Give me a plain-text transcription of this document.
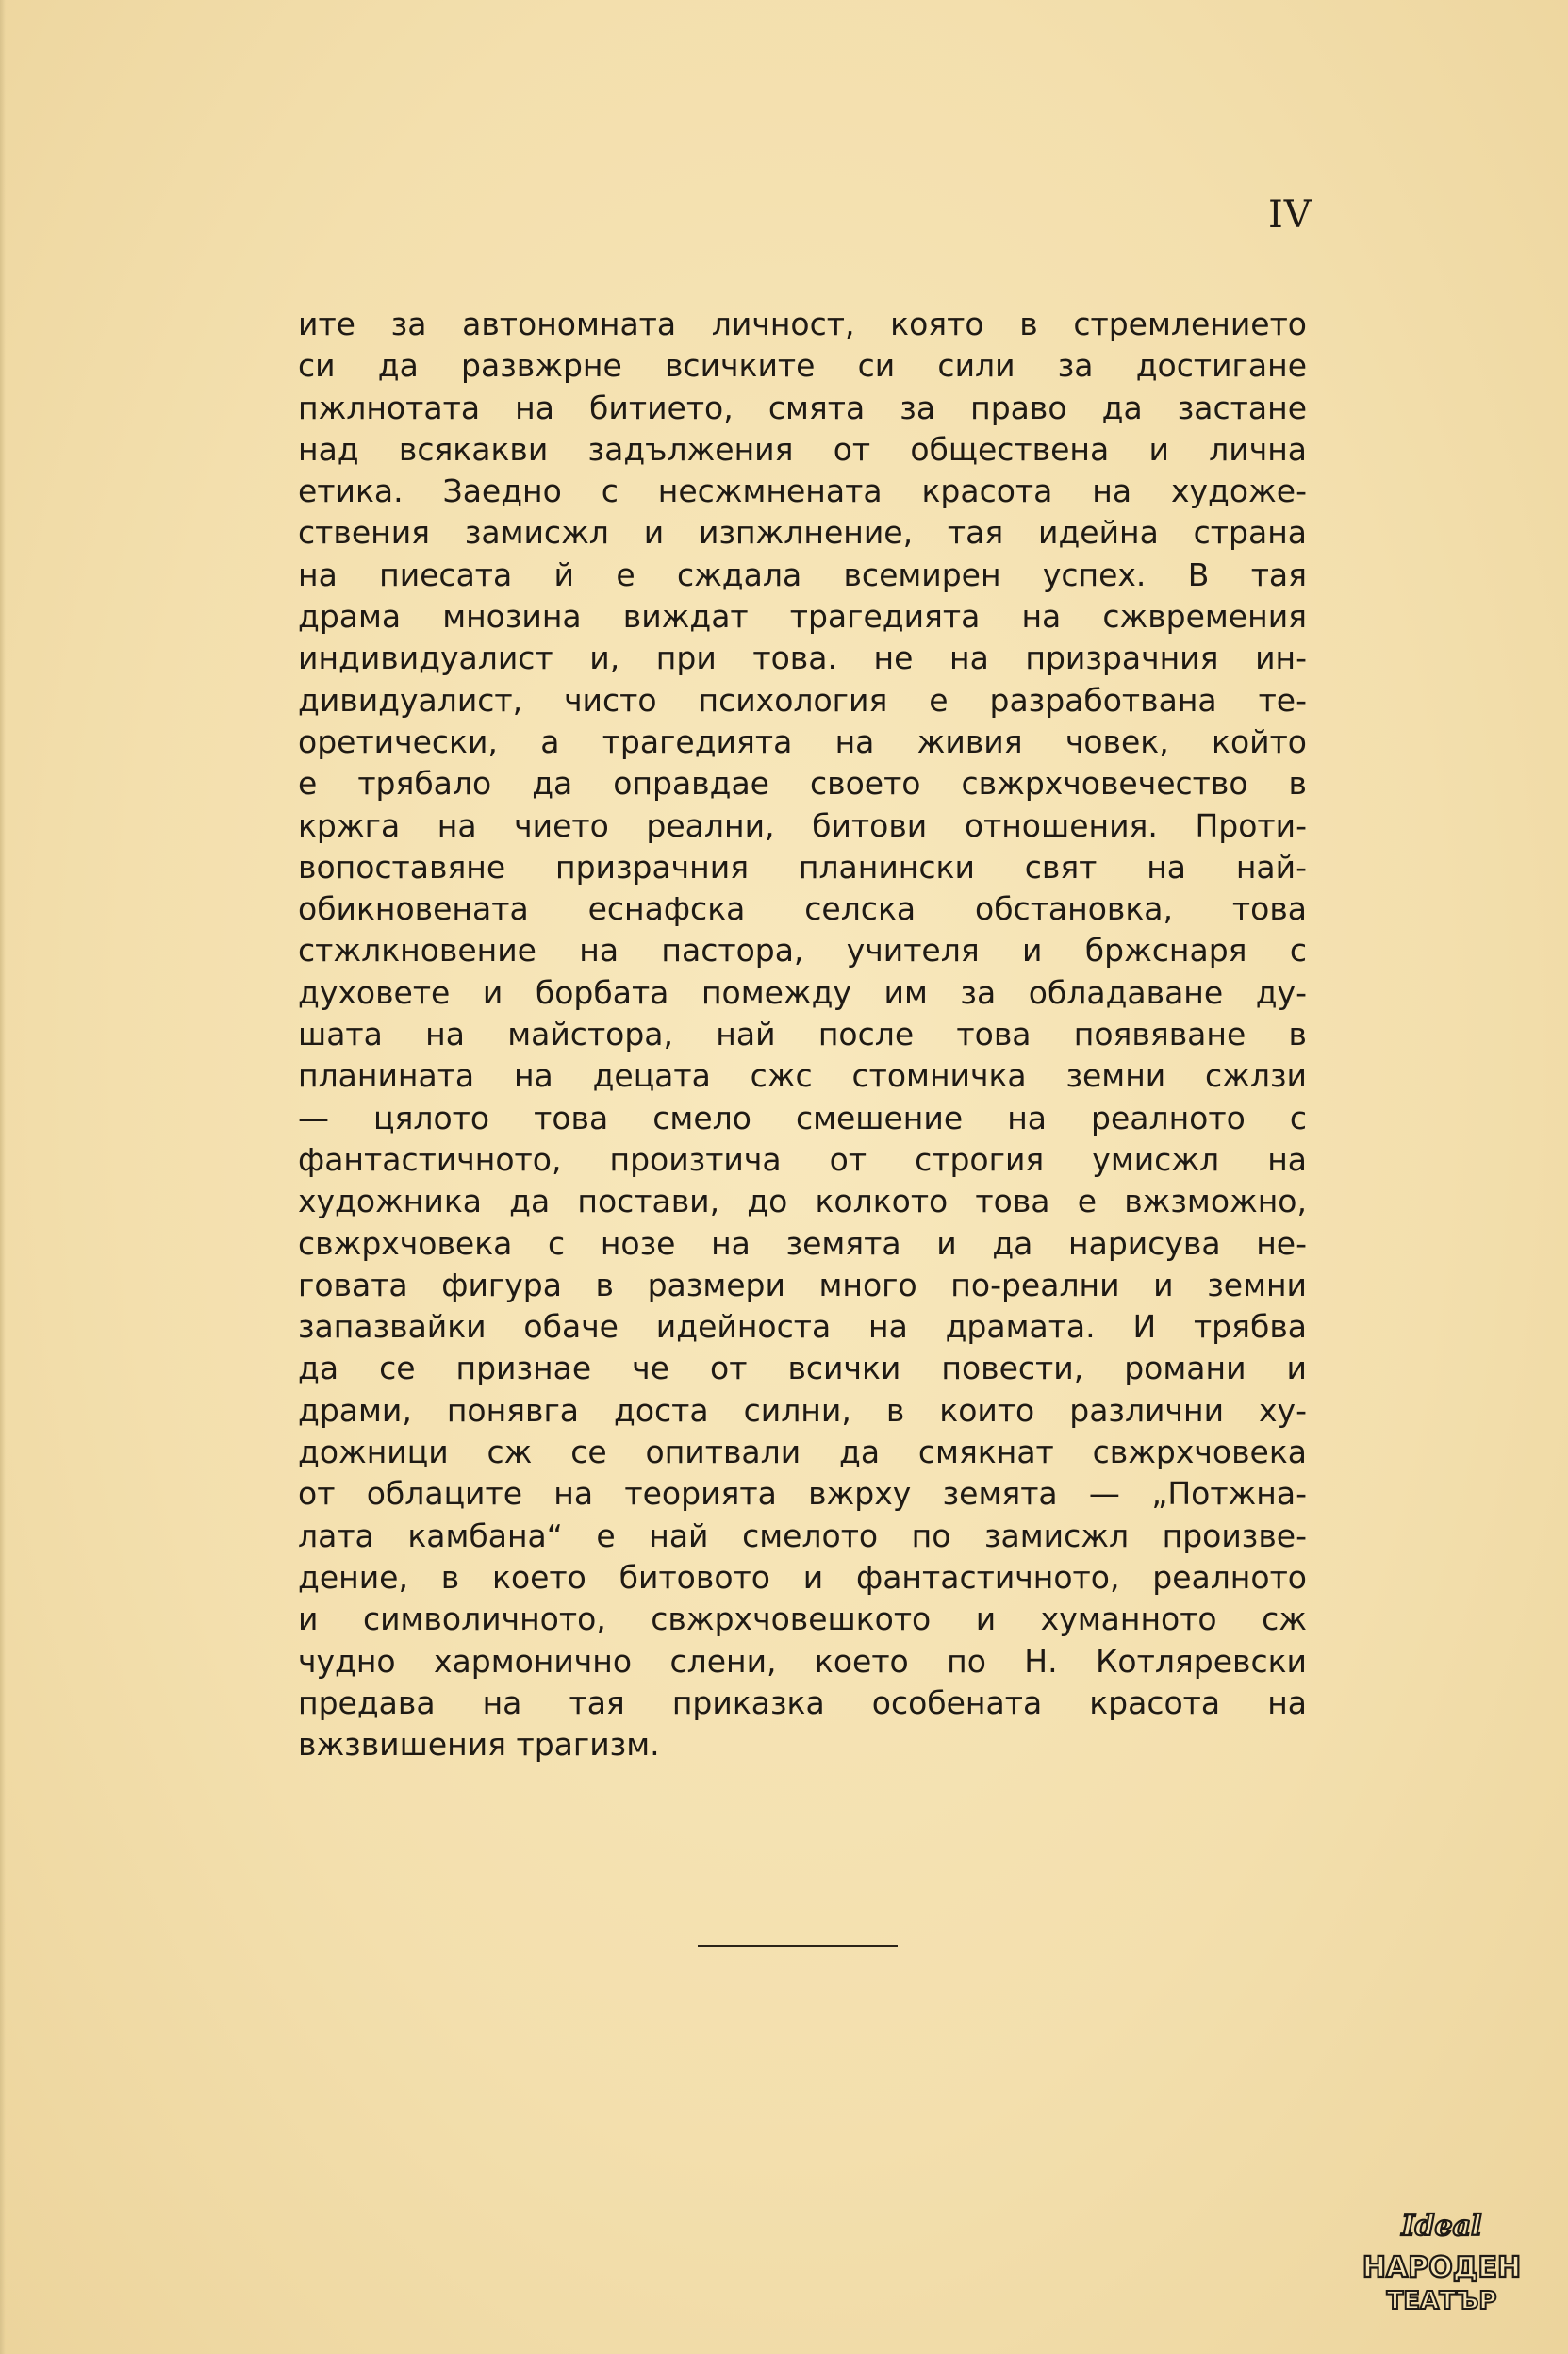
IV
ите за автономната личност, която в стремлението
си да развжрне всичките си сили за достигане
пжлнотата на битието, смята за право да застане
над всякакви задължения от обществена и лична
етика. Заедно с несжмнената красота на художе-
ствения замисжл и изпжлнение, тая идейна страна
на пиесата й е сждала всемирен успех. В тая
драма мнозина виждат трагедията на сжвремения
индивидуалист и, при това. не на призрачния ин-
дивидуалист, чисто психология е разработвана те-
оретически, а трагедията на живия човек, който
е трябало да оправдае своето свжрхчовечество в
кржга на чието реални, битови отношения. Проти-
вопоставяне призрачния планински свят на най-
обикновената еснафска селска обстановка, това
стжлкновение на пастора, учителя и бржснаря с
духовете и борбата помежду им за обладаване ду-
шата на майстора, най после това появяване в
планината на децата сжс стомничка земни сжлзи
— цялото това смело смешение на реалното с
фантастичното, произтича от строгия умисжл на
художника да постави, до колкото това е вжзможно,
свжрхчовека с нозе на земята и да нарисува не-
говата фигура в размери много по-реални и земни
запазвайки обаче идейноста на драмата. И трябва
да се признае че от всички повести, романи и
драми, понявга доста силни, в които различни ху-
дожници сж се опитвали да смякнат свжрхчовека
от облаците на теорията вжрху земята — „Потжна-
лата камбана“ е най смелото по замисжл произве-
дение, в което битовото и фантастичното, реалното
и символичното, свжрхчовешкото и хуманното сж
чудно хармонично слени, което по Н. Котляревски
предава на тая приказка особената красота на
вжзвишения трагизм.
Ideal
НАРОДЕН
ТЕАТЪР
